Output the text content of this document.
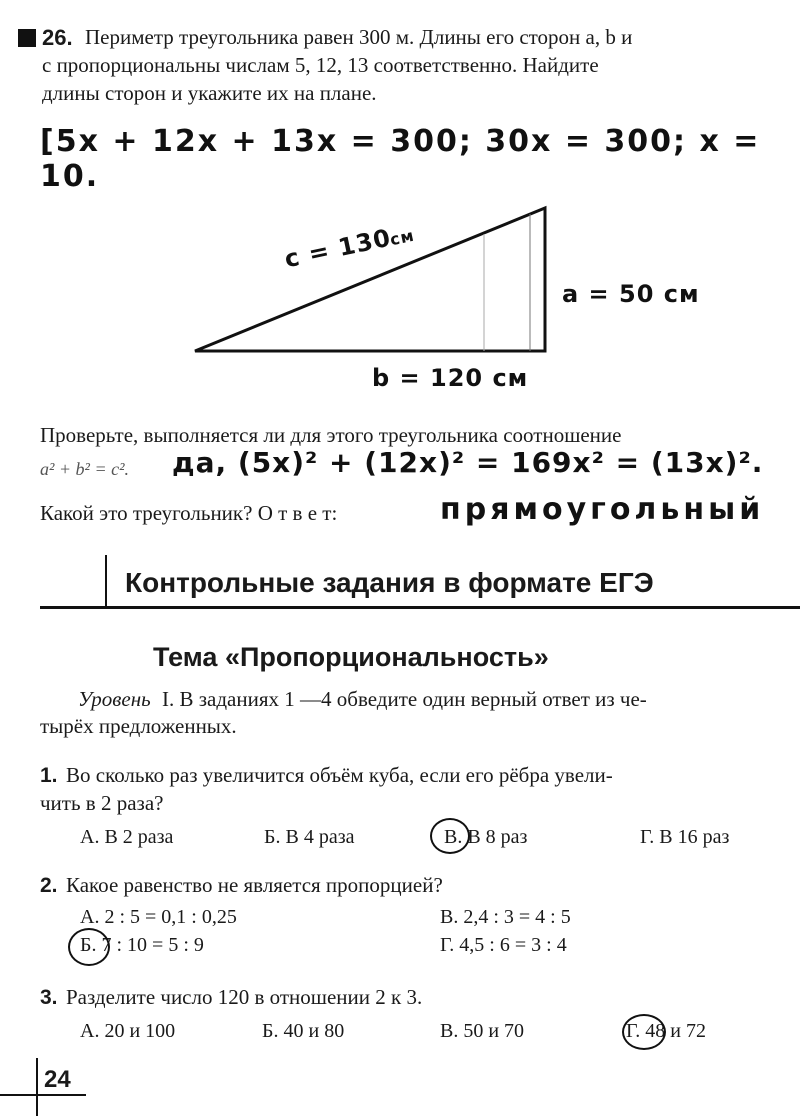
26. Периметр треугольника равен 300 м. Длины его сторон a, b и
c пропорциональны числам 5, 12, 13 соответственно. Найдите
длины сторон и укажите их на плане.
[5x + 12x + 13x = 300; 30x = 300; x = 10.
c = 130
см
a = 50 см
b = 120 см
Проверьте, выполняется ли для этого треугольника соотношение
a² + b² = c². да, (5x)² + (12x)² = 169x² = (13x)².
Какой это треугольник? О т в е т:	прямоугольный
Контрольные задания в формате ЕГЭ
Тема «Пропорциональность»
Уровень I. В заданиях 1 —4 обведите один верный ответ из че-
тырёх предложенных.
1. Во сколько раз увеличится объём куба, если его рёбра увели-
чить в 2 раза?
А. В 2 раза	Б. В 4 раза	В. В 8 раз	Г. В 16 раз
2. Какое равенство не является пропорцией?
А. 2 : 5 = 0,1 : 0,25
Б. 7 : 10 = 5 : 9
В. 2,4 : 3 = 4 : 5
Г. 4,5 : 6 = 3 : 4
3. Разделите число 120 в отношении 2 к 3.
А. 20 и 100	Б. 40 и 80	В. 50 и 70	Г. 48 и 72
24
